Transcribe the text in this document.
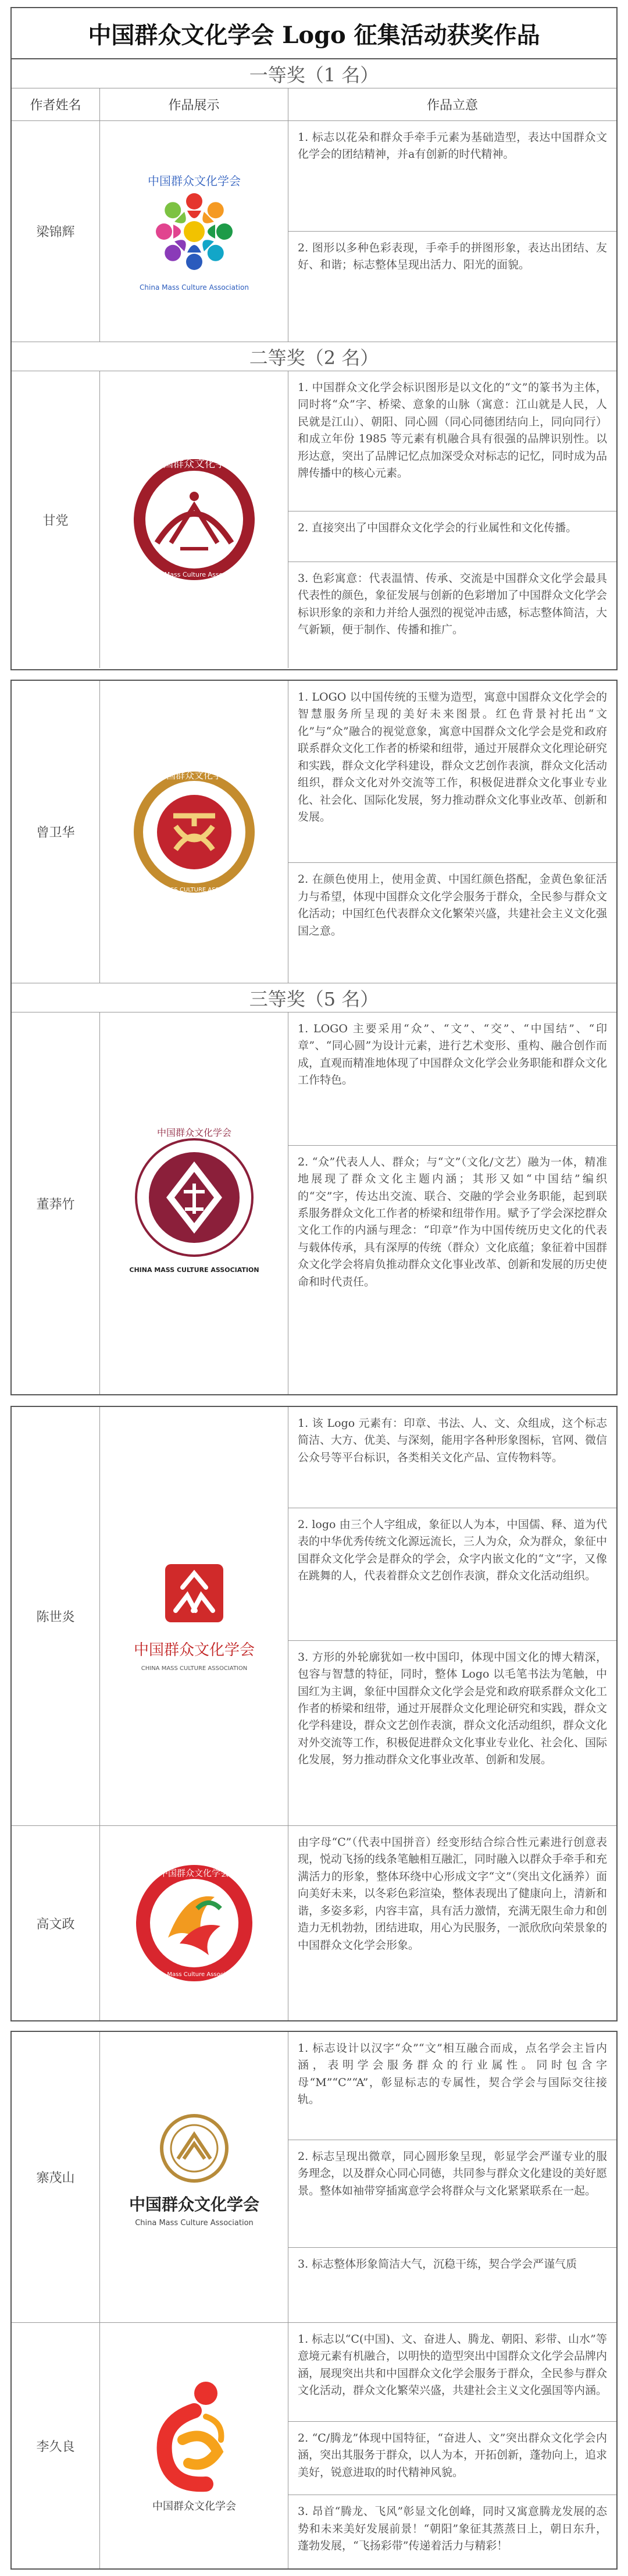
中国群众文化学会 Logo 征集活动获奖作品
一等奖（1 名）
作者姓名	作品展示	作品立意
梁锦辉
中国群众文化学会
China Mass Culture Association
1. 标志以花朵和群众手牵手元素为基础造型，表达中国群众文化学会的团结精神，并a有创新的时代精神。
2. 图形以多种色彩表现，手牵手的拼图形象，表达出团结、友好、和谐；标志整体呈现出活力、阳光的面貌。
二等奖（2 名）
甘党
中国群众文化学会
China Mass Culture Association
1. 中国群众文化学会标识图形是以文化的“文”的篆书为主体，同时将“众”字、桥梁、意象的山脉（寓意：江山就是人民，人民就是江山）、朝阳、同心圆（同心同德团结向上，同向同行）和成立年份 1985 等元素有机融合具有很强的品牌识别性。以形达意，突出了品牌记忆点加深受众对标志的记忆，同时成为品牌传播中的核心元素。
2. 直接突出了中国群众文化学会的行业属性和文化传播。
3. 色彩寓意：代表温情、传承、交流是中国群众文化学会最具代表性的颜色，象征发展与创新的色彩增加了中国群众文化学会标识形象的亲和力并给人强烈的视觉冲击感，标志整体简洁，大气新颖，便于制作、传播和推广。
曾卫华
中国群众文化学会
CHINA MASS CULTURE ASSOCIATION
1. LOGO 以中国传统的玉璧为造型，寓意中国群众文化学会的智慧服务所呈现的美好未来图景。红色背景衬托出“文化”与“众”融合的视觉意象，寓意中国群众文化学会是党和政府联系群众文化工作者的桥梁和纽带，通过开展群众文化理论研究和实践，群众文化学科建设，群众文艺创作表演，群众文化活动组织，群众文化对外交流等工作，积极促进群众文化事业专业化、社会化、国际化发展，努力推动群众文化事业改革、创新和发展。
2. 在颜色使用上，使用金黄、中国红颜色搭配，金黄色象征活力与希望，体现中国群众文化学会服务于群众，全民参与群众文化活动；中国红色代表群众文化繁荣兴盛，共建社会主义文化强国之意。
三等奖（5 名）
董莽竹
中国群众文化学会
CHINA MASS CULTURE ASSOCIATION
1. LOGO 主要采用“众”、“文”、“交”、“中国结”、“印章”、“同心圆”为设计元素，进行艺术变形、重构、融合创作而成，直观而精准地体现了中国群众文化学会业务职能和群众文化工作特色。
2. “众”代表人人、群众；与“文”（文化/文艺）融为一体，精准地展现了群众文化主题内涵；其形又如“中国结”编织的“交”字，传达出交流、联合、交融的学会业务职能，起到联系服务群众文化工作者的桥梁和纽带作用。赋予了学会深挖群众文化工作的内涵与理念：“印章”作为中国传统历史文化的代表与载体传承，具有深厚的传统（群众）文化底蕴；象征着中国群众文化学会将肩负推动群众文化事业改革、创新和发展的历史使命和时代责任。
陈世炎
中国群众文化学会
CHINA MASS CULTURE ASSOCIATION
1. 该 Logo 元素有：印章、书法、人、文、众组成，这个标志简洁、大方、优美、与深刻，能用字各种形象图标，官网、微信公众号等平台标识，各类相关文化产品、宣传物料等。
2. logo 由三个人字组成，象征以人为本，中国儒、释、道为代表的中华优秀传统文化源远流长，三人为众，众为群众，象征中国群众文化学会是群众的学会，众字内嵌文化的“文”字，又像在跳舞的人，代表着群众文艺创作表演，群众文化活动组织。
3. 方形的外轮廓犹如一枚中国印，体现中国文化的博大精深，包容与智慧的特征，同时，整体 Logo 以毛笔书法为笔触，中国红为主调，象征中国群众文化学会是党和政府联系群众文化工作者的桥梁和纽带，通过开展群众文化理论研究和实践，群众文化学科建设，群众文艺创作表演，群众文化活动组织，群众文化对外交流等工作，积极促进群众文化事业专业化、社会化、国际化发展，努力推动群众文化事业改革、创新和发展。
高文政
中国群众文化学会
China Mass Culture Association
由字母“C”（代表中国拼音）经变形结合综合性元素进行创意表现，悦动飞扬的线条笔触相互融汇，同时融入以群众手牵手和充满活力的形象，整体环绕中心形成文字“文”（突出文化涵养）面向美好未来，以冬彩色彩渲染，整体表现出了健康向上，清新和谐，多姿多彩，内容丰富，具有活力激情，充满无限生命力和创造力无机勃勃，团结进取，用心为民服务，一派欣欣向荣景象的中国群众文化学会形象。
寨茂山
中国群众文化学会
China Mass Culture Association
1. 标志设计以汉字“众”“文”相互融合而成，点名学会主旨内涵，表明学会服务群众的行业属性。同时包含字母“M”“C”“A”，彰显标志的专属性，契合学会与国际交往接轨。
2. 标志呈现出微章，同心圆形象呈现，彰显学会严谨专业的服务理念，以及群众心同心同德，共同参与群众文化建设的美好愿景。整体如袖带穿插寓意学会将群众与文化紧紧联系在一起。
3. 标志整体形象简洁大气，沉稳干练，契合学会严谨气质
李久良
中国群众文化学会
1. 标志以“C(中国)、文、奋进人、腾龙、朝阳、彩带、山水”等意境元素有机融合，以明快的造型突出中国群众文化学会品牌内涵，展现突出共和中国群众文化学会服务于群众，全民参与群众文化活动，群众文化繁荣兴盛，共建社会主义文化强国等内涵。
2. “C/腾龙”体现中国特征，“奋进人、文”突出群众文化学会内涵，突出其服务于群众，以人为本，开拓创新，蓬勃向上，追求美好，锐意进取的时代精神风貌。
3. 昂首“腾龙、飞风”彰显文化创峰，同时又寓意腾龙发展的态势和未来美好发展前景！“朝阳”象征其蒸蒸日上，朝日东升，蓬勃发展，“飞扬彩带”传递着活力与精彩！
